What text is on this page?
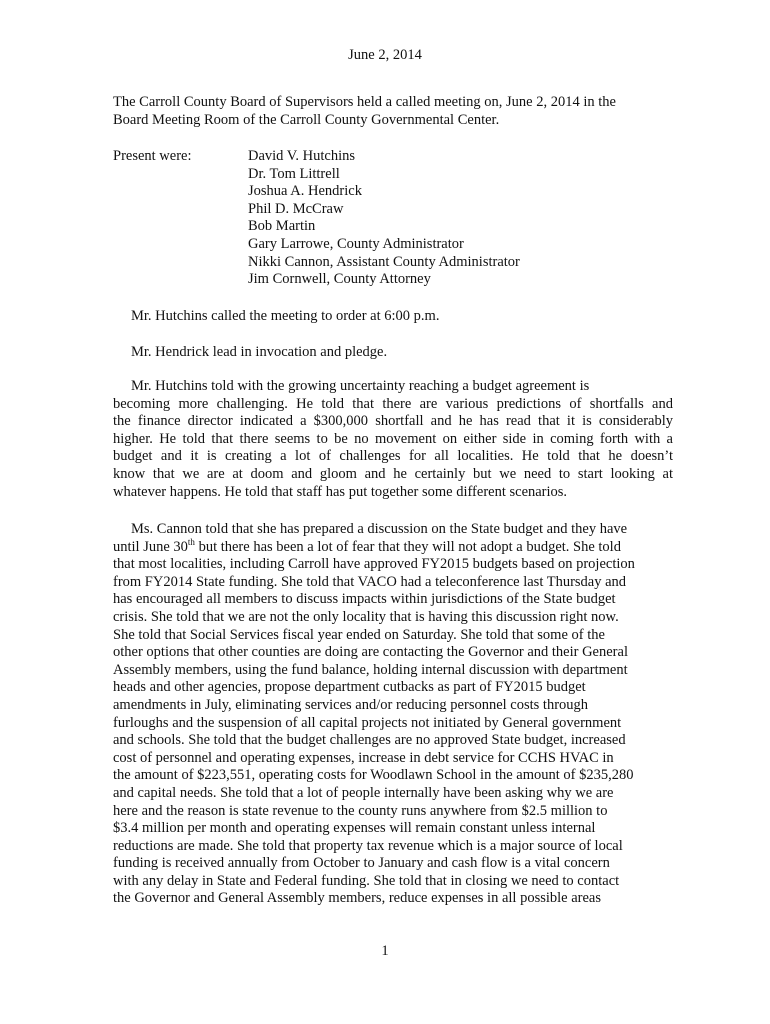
June 2, 2014
The Carroll County Board of Supervisors held a called meeting on, June 2, 2014 in the
Board Meeting Room of the Carroll County Governmental Center.
Present were:	David V. Hutchins
Dr. Tom Littrell
Joshua A. Hendrick
Phil D. McCraw
Bob Martin
Gary Larrowe, County Administrator
Nikki Cannon, Assistant County Administrator
Jim Cornwell, County Attorney
Mr. Hutchins called the meeting to order at 6:00 p.m.
Mr. Hendrick lead in invocation and pledge.
Mr. Hutchins told with the growing uncertainty reaching a budget agreement is
becoming more challenging. He told that there are various predictions of shortfalls and
the finance director indicated a $300,000 shortfall and he has read that it is considerably
higher. He told that there seems to be no movement on either side in coming forth with a
budget and it is creating a lot of challenges for all localities. He told that he doesn’t
know that we are at doom and gloom and he certainly but we need to start looking at
whatever happens. He told that staff has put together some different scenarios.
Ms. Cannon told that she has prepared a discussion on the State budget and they have
until June 30th but there has been a lot of fear that they will not adopt a budget. She told
that most localities, including Carroll have approved FY2015 budgets based on projection
from FY2014 State funding. She told that VACO had a teleconference last Thursday and
has encouraged all members to discuss impacts within jurisdictions of the State budget
crisis. She told that we are not the only locality that is having this discussion right now.
She told that Social Services fiscal year ended on Saturday. She told that some of the
other options that other counties are doing are contacting the Governor and their General
Assembly members, using the fund balance, holding internal discussion with department
heads and other agencies, propose department cutbacks as part of FY2015 budget
amendments in July, eliminating services and/or reducing personnel costs through
furloughs and the suspension of all capital projects not initiated by General government
and schools. She told that the budget challenges are no approved State budget, increased
cost of personnel and operating expenses, increase in debt service for CCHS HVAC in
the amount of $223,551, operating costs for Woodlawn School in the amount of $235,280
and capital needs. She told that a lot of people internally have been asking why we are
here and the reason is state revenue to the county runs anywhere from $2.5 million to
$3.4 million per month and operating expenses will remain constant unless internal
reductions are made. She told that property tax revenue which is a major source of local
funding is received annually from October to January and cash flow is a vital concern
with any delay in State and Federal funding. She told that in closing we need to contact
the Governor and General Assembly members, reduce expenses in all possible areas
1
